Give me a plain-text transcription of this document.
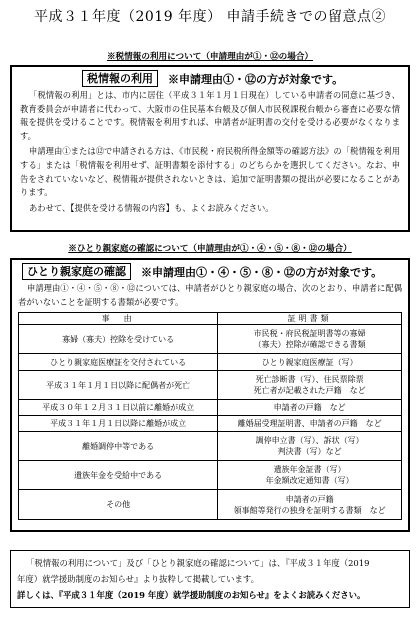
平成３１年度（2019 年度） 申請手続きでの留意点②
※税情報の利用について（申請理由が①・⑫の場合）
税情報の利用	※申請理由①・⑫の方が対象です。

「税情報の利用」とは、市内に居住（平成３１年１月１日現在）している申請者の同意に基づき、教育委員会が申請者に代わって、大阪市の住民基本台帳及び個人市民税課税台帳から審査に必要な情報を提供を受けることです。税情報を利用すれば、申請者が証明書の交付を受ける必要がなくなります。

申請理由①または⑫で申請される方は、《市民税・府民税所得金額等の確認方法》の「税情報を利用する」または「税情報を利用せず、証明書類を添付する」のどちらかを選択してください。なお、申告をされていないなど、税情報が提供されないときは、追加で証明書類の提出が必要になることがあります。

あわせて、【提供を受ける情報の内容】も、よくお読みください。

※ひとり親家庭の確認について（申請理由が①・④・⑤・⑧・⑫の場合）
ひとり親家庭の確認	※申請理由①・④・⑤・⑧・⑫の方が対象です。

申請理由①・④・⑤・⑧・⑫については、申請者がひとり親家庭の場合、次のとおり、申請者に配偶者がいないことを証明する書類が必要です。

事　由	証明書類
寡婦（寡夫）控除を受けている	市民税・府民税証明書等の寡婦
（寡夫）控除が確認できる書類

ひとり親家庭医療証を交付されている	ひとり親家庭医療証（写）

平成３１年１月１日以降に配偶者が死亡	死亡診断書（写）、住民票除票
死亡者が記載された戸籍　など

平成３０年１２月３１日以前に離婚が成立	申請者の戸籍　など

平成３１年１月１日以降に離婚が成立	離婚届受理証明書、申請者の戸籍　など

離婚調停中等である	調停申立書（写）、訴状（写）
判決書（写）など

遺族年金を受給中である	遺族年金証書（写）
年金額改定通知書（写）

その他	申請者の戸籍
領事館等発行の独身を証明する書類　など
「税情報の利用について」及び「ひとり親家庭の確認について」は、『平成３１年度（2019
年度）就学援助制度のお知らせ』より抜粋して掲載しています。
詳しくは、『平成３１年度（2019 年度）就学援助制度のお知らせ』をよくお読みください。
